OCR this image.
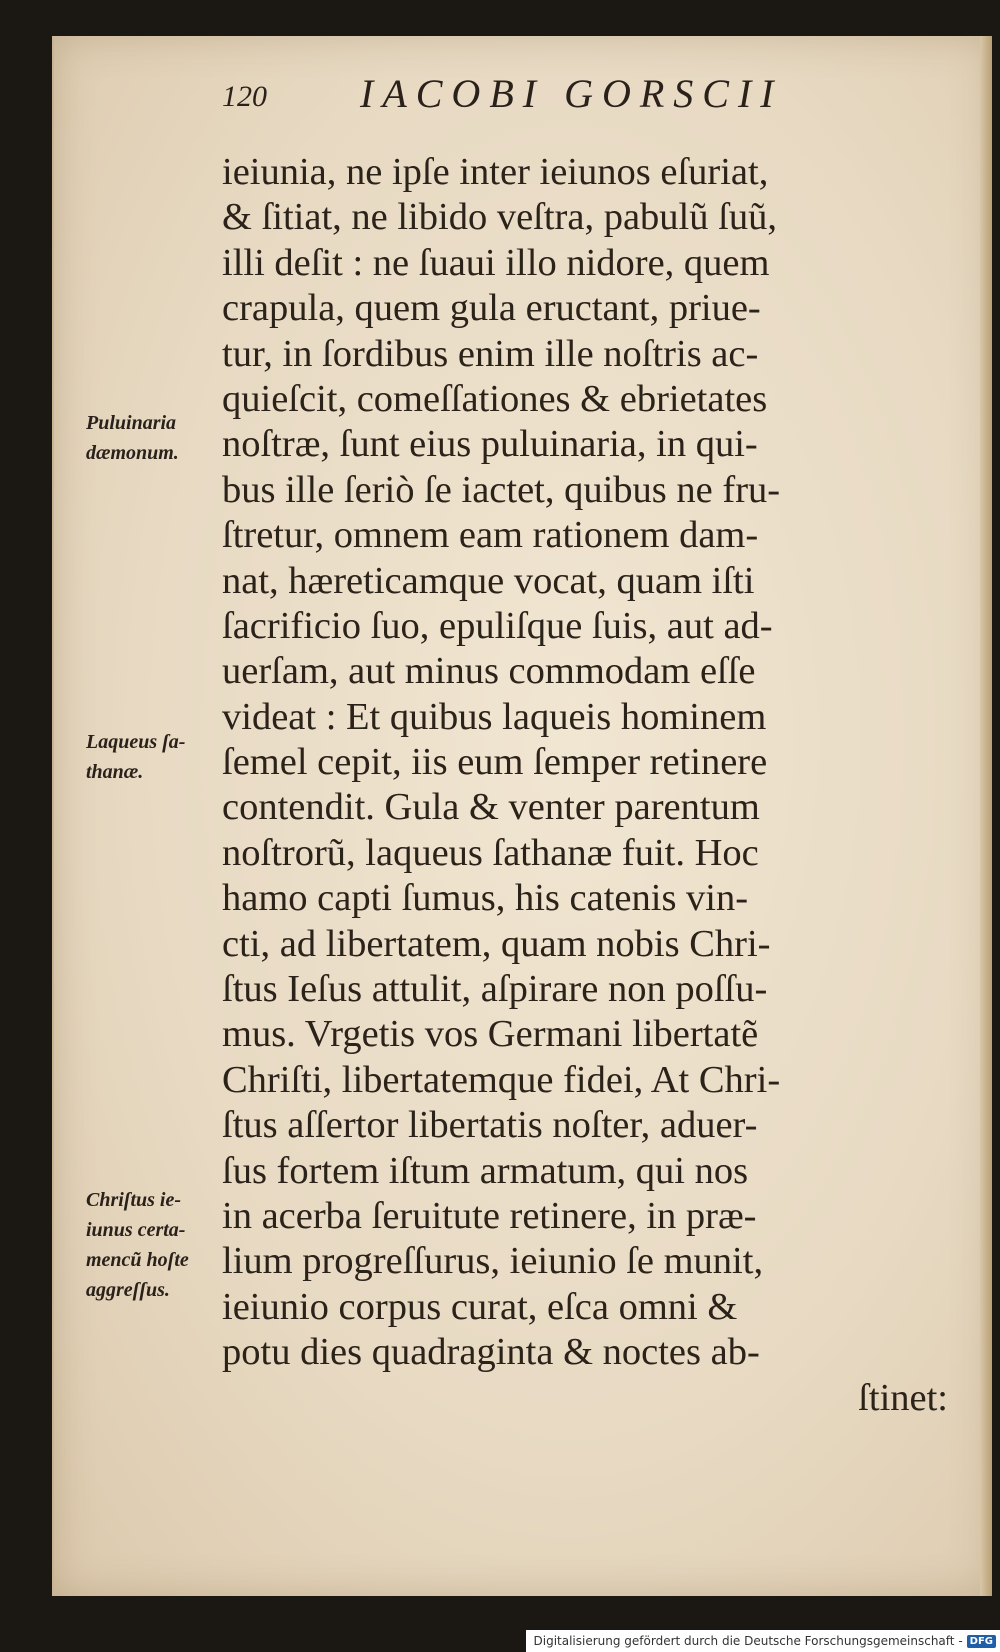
120 IACOBI GORSCII
ieiunia, ne ipſe inter ieiunos eſuriat,
& ſitiat, ne libido veſtra, pabulũ ſuũ,
illi deſit : ne ſuaui illo nidore, quem
crapula, quem gula eructant, priue-
tur, in ſordibus enim ille noſtris ac-
quieſcit, comeſſationes & ebrietates
noſtræ, ſunt eius puluinaria, in qui-
bus ille ſeriò ſe iactet, quibus ne fru-
ſtretur, omnem eam rationem dam-
nat, hæreticamque vocat, quam iſti
ſacrificio ſuo, epuliſque ſuis, aut ad-
uerſam, aut minus commodam eſſe
videat : Et quibus laqueis hominem
ſemel cepit, iis eum ſemper retinere
contendit. Gula & venter parentum
noſtrorũ, laqueus ſathanæ fuit. Hoc
hamo capti ſumus, his catenis vin-
cti, ad libertatem, quam nobis Chri-
ſtus Ieſus attulit, aſpirare non poſſu-
mus. Vrgetis vos Germani libertatẽ
Chriſti, libertatemque fidei, At Chri-
ſtus aſſertor libertatis noſter, aduer-
ſus fortem iſtum armatum, qui nos
in acerba ſeruitute retinere, in præ-
lium progreſſurus, ieiunio ſe munit,
ieiunio corpus curat, eſca omni &
potu dies quadraginta & noctes ab-
ſtinet:
Puluinaria
dæmonum.
Laqueus ſa-
thanæ.
Chriſtus ie-
iunus certa-
mencũ hoſte
aggreſſus.
Digitalisierung gefördert durch die Deutsche Forschungsgemeinschaft - DFG
